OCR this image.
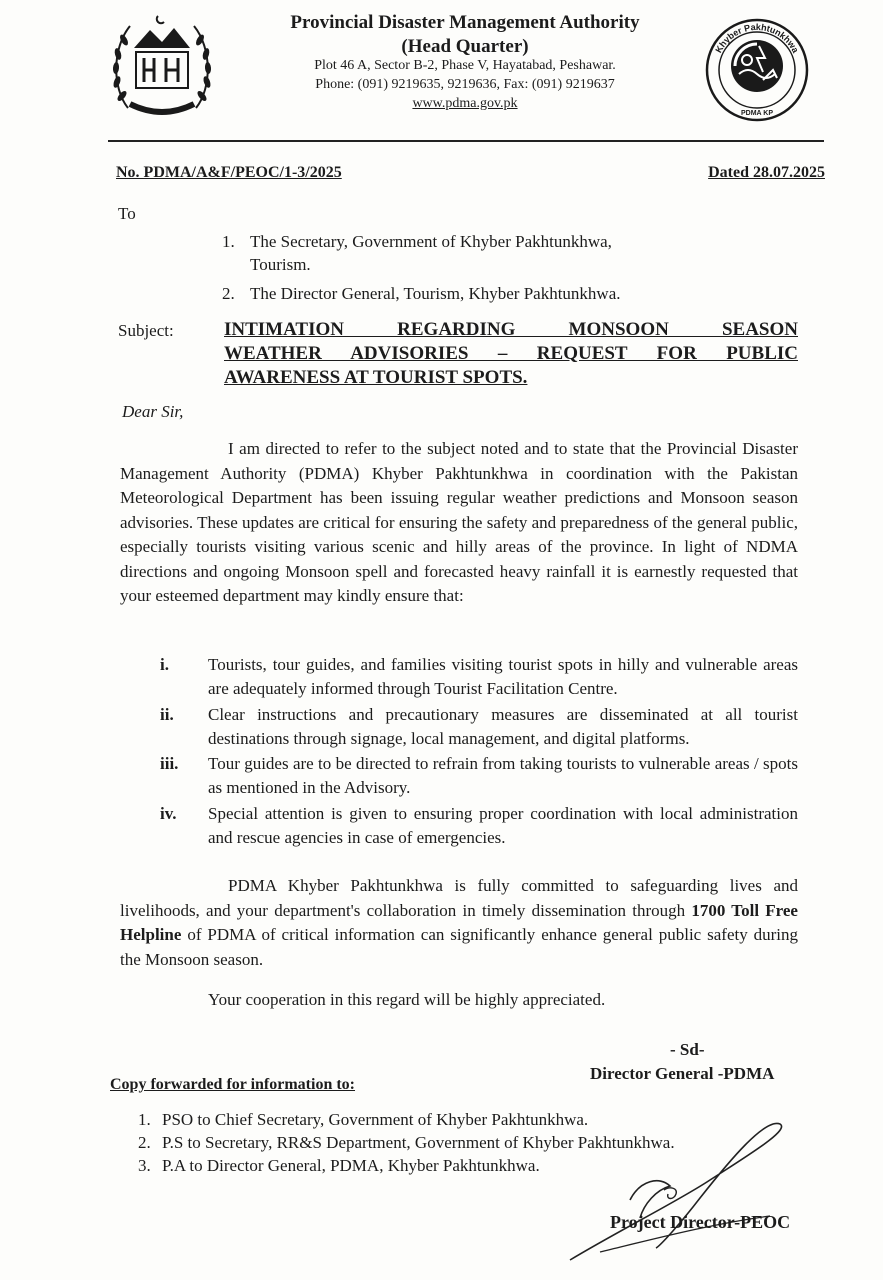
Provincial Disaster Management Authority
(Head Quarter)
Plot 46 A, Sector B-2, Phase V, Hayatabad, Peshawar.
Phone: (091) 9219635, 9219636, Fax: (091) 9219637
www.pdma.gov.pk
Khyber Pakhtunkhwa
PDMA KP
No. PDMA/A&F/PEOC/1-3/2025	Dated 28.07.2025
To
1. The Secretary, Government of Khyber Pakhtunkhwa,
Tourism.
2. The Director General, Tourism, Khyber Pakhtunkhwa.
Subject:	INTIMATION REGARDING MONSOON SEASON
WEATHER ADVISORIES – REQUEST FOR PUBLIC
AWARENESS AT TOURIST SPOTS.
Dear Sir,
I am directed to refer to the subject noted and to state that the Provincial Disaster Management Authority (PDMA) Khyber Pakhtunkhwa in coordination with the Pakistan Meteorological Department has been issuing regular weather predictions and Monsoon season advisories. These updates are critical for ensuring the safety and preparedness of the general public, especially tourists visiting various scenic and hilly areas of the province. In light of NDMA directions and ongoing Monsoon spell and forecasted heavy rainfall it is earnestly requested that your esteemed department may kindly ensure that:
i. Tourists, tour guides, and families visiting tourist spots in hilly and vulnerable areas are adequately informed through Tourist Facilitation Centre.
ii. Clear instructions and precautionary measures are disseminated at all tourist destinations through signage, local management, and digital platforms.
iii. Tour guides are to be directed to refrain from taking tourists to vulnerable areas / spots as mentioned in the Advisory.
iv. Special attention is given to ensuring proper coordination with local administration and rescue agencies in case of emergencies.
PDMA Khyber Pakhtunkhwa is fully committed to safeguarding lives and livelihoods, and your department's collaboration in timely dissemination through 1700 Toll Free Helpline of PDMA of critical information can significantly enhance general public safety during the Monsoon season.
Your cooperation in this regard will be highly appreciated.
- Sd-
Director General -PDMA
Copy forwarded for information to:
1. PSO to Chief Secretary, Government of Khyber Pakhtunkhwa.
2. P.S to Secretary, RR&S Department, Government of Khyber Pakhtunkhwa.
3. P.A to Director General, PDMA, Khyber Pakhtunkhwa.
Project Director-PEOC
